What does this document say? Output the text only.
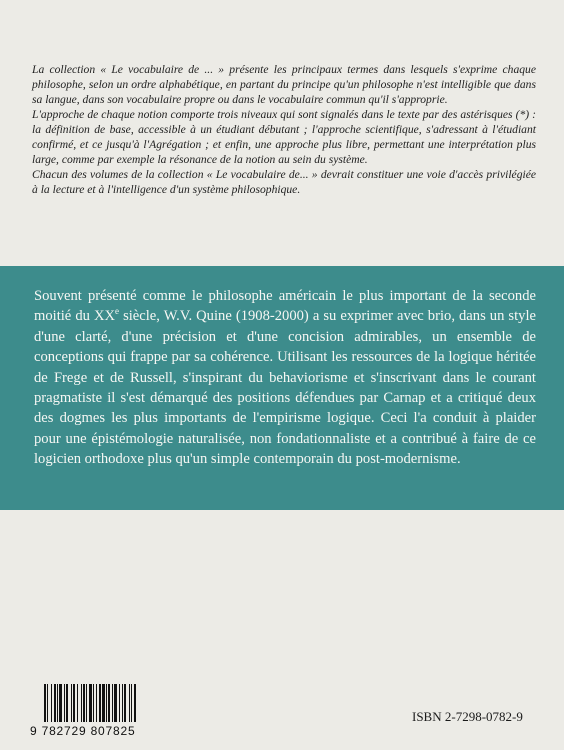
La collection « Le vocabulaire de ... » présente les principaux termes dans lesquels s'exprime chaque philosophe, selon un ordre alphabétique, en partant du principe qu'un philosophe n'est intelligible que dans sa langue, dans son vocabulaire propre ou dans le vocabulaire commun qu'il s'approprie.

L'approche de chaque notion comporte trois niveaux qui sont signalés dans le texte par des astérisques (*) : la définition de base, accessible à un étudiant débutant ; l'approche scientifique, s'adressant à l'étudiant confirmé, et ce jusqu'à l'Agrégation ; et enfin, une approche plus libre, permettant une interprétation plus large, comme par exemple la résonance de la notion au sein du système.

Chacun des volumes de la collection « Le vocabulaire de... » devrait constituer une voie d'accès privilégiée à la lecture et à l'intelligence d'un système philosophique.

Souvent présenté comme le philosophe américain le plus important de la seconde moitié du XXe siècle, W.V. Quine (1908-2000) a su exprimer avec brio, dans un style d'une clarté, d'une précision et d'une concision admirables, un ensemble de conceptions qui frappe par sa cohérence. Utilisant les ressources de la logique héritée de Frege et de Russell, s'inspirant du behaviorisme et s'inscrivant dans le courant pragmatiste il s'est démarqué des positions défendues par Carnap et a critiqué deux des dogmes les plus importants de l'empirisme logique. Ceci l'a conduit à plaider pour une épistémologie naturalisée, non fondationnaliste et a contribué à faire de ce logicien orthodoxe plus qu'un simple contemporain du post-modernisme.

9 782729 807825
ISBN 2-7298-0782-9
